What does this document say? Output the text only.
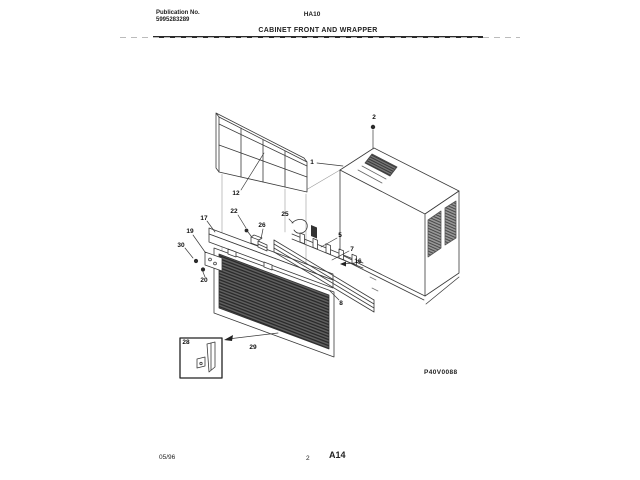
Publication No.
5995283289
HA10
CABINET FRONT AND WRAPPER
2
1
12
22
17
19
30
20
26
25
5
7
16
8
28
29
P40V0088
05/96	2 A14
